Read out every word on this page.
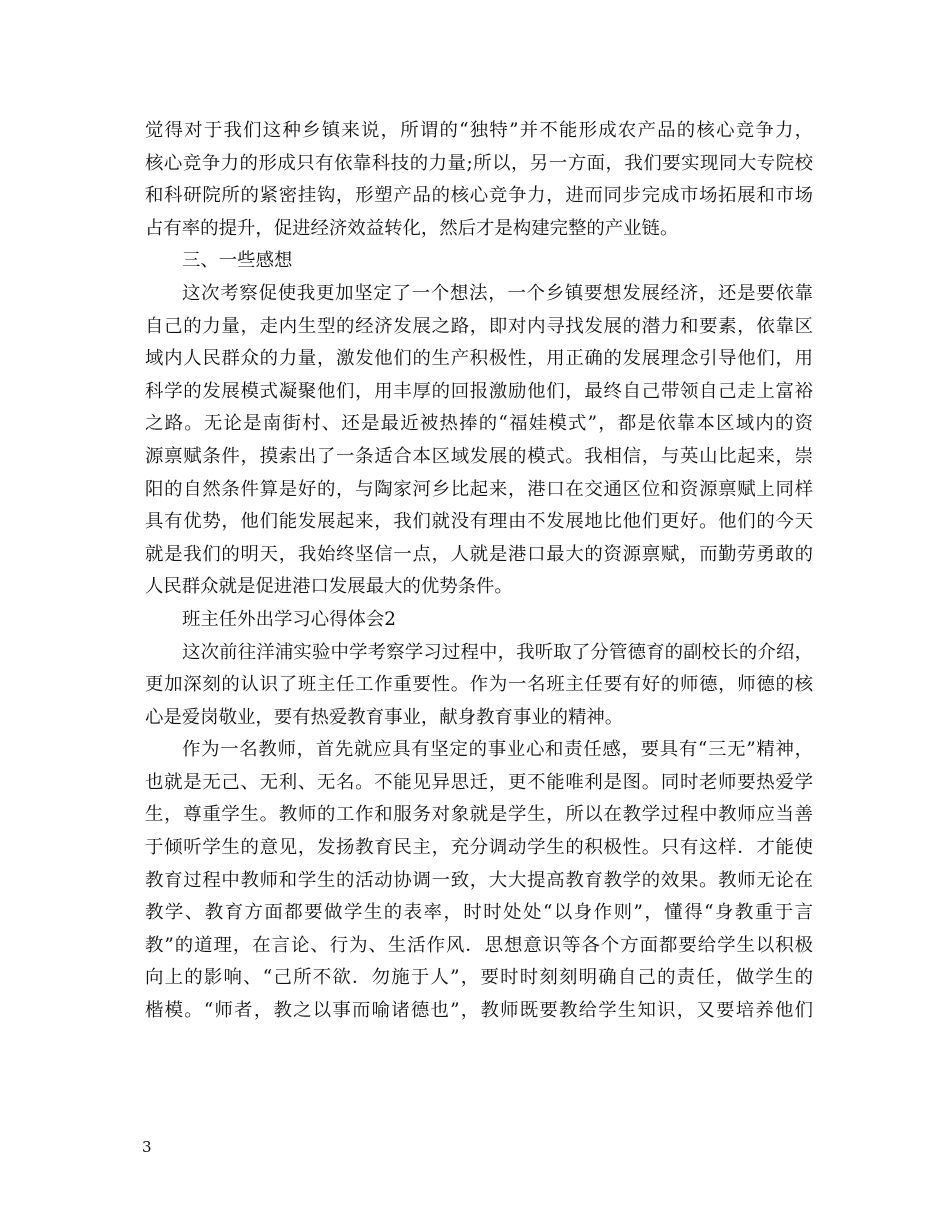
觉得对于我们这种乡镇来说，所谓的“独特”并不能形成农产品的核心竞争力，
核心竞争力的形成只有依靠科技的力量;所以，另一方面，我们要实现同大专院校
和科研院所的紧密挂钩，形塑产品的核心竞争力，进而同步完成市场拓展和市场
占有率的提升，促进经济效益转化，然后才是构建完整的产业链。
三、一些感想
这次考察促使我更加坚定了一个想法，一个乡镇要想发展经济，还是要依靠
自己的力量，走内生型的经济发展之路，即对内寻找发展的潜力和要素，依靠区
域内人民群众的力量，激发他们的生产积极性，用正确的发展理念引导他们，用
科学的发展模式凝聚他们，用丰厚的回报激励他们，最终自己带领自己走上富裕
之路。无论是南街村、还是最近被热捧的“福娃模式”，都是依靠本区域内的资
源禀赋条件，摸索出了一条适合本区域发展的模式。我相信，与英山比起来，崇
阳的自然条件算是好的，与陶家河乡比起来，港口在交通区位和资源禀赋上同样
具有优势，他们能发展起来，我们就没有理由不发展地比他们更好。他们的今天
就是我们的明天，我始终坚信一点，人就是港口最大的资源禀赋，而勤劳勇敢的
人民群众就是促进港口发展最大的优势条件。
班主任外出学习心得体会2
这次前往洋浦实验中学考察学习过程中，我听取了分管德育的副校长的介绍，
更加深刻的认识了班主任工作重要性。作为一名班主任要有好的师德，师德的核
心是爱岗敬业，要有热爱教育事业，献身教育事业的精神。
作为一名教师，首先就应具有坚定的事业心和责任感，要具有“三无”精神，
也就是无己、无利、无名。不能见异思迁，更不能唯利是图。同时老师要热爱学
生，尊重学生。教师的工作和服务对象就是学生，所以在教学过程中教师应当善
于倾听学生的意见，发扬教育民主，充分调动学生的积极性。只有这样．才能使
教育过程中教师和学生的活动协调一致，大大提高教育教学的效果。教师无论在
教学、教育方面都要做学生的表率，时时处处“以身作则”，懂得“身教重于言
教”的道理，在言论、行为、生活作风．思想意识等各个方面都要给学生以积极
向上的影响、“己所不欲．勿施于人”，要时时刻刻明确自己的责任，做学生的
楷模。“师者，教之以事而喻诸德也”，教师既要教给学生知识，又要培养他们
3
